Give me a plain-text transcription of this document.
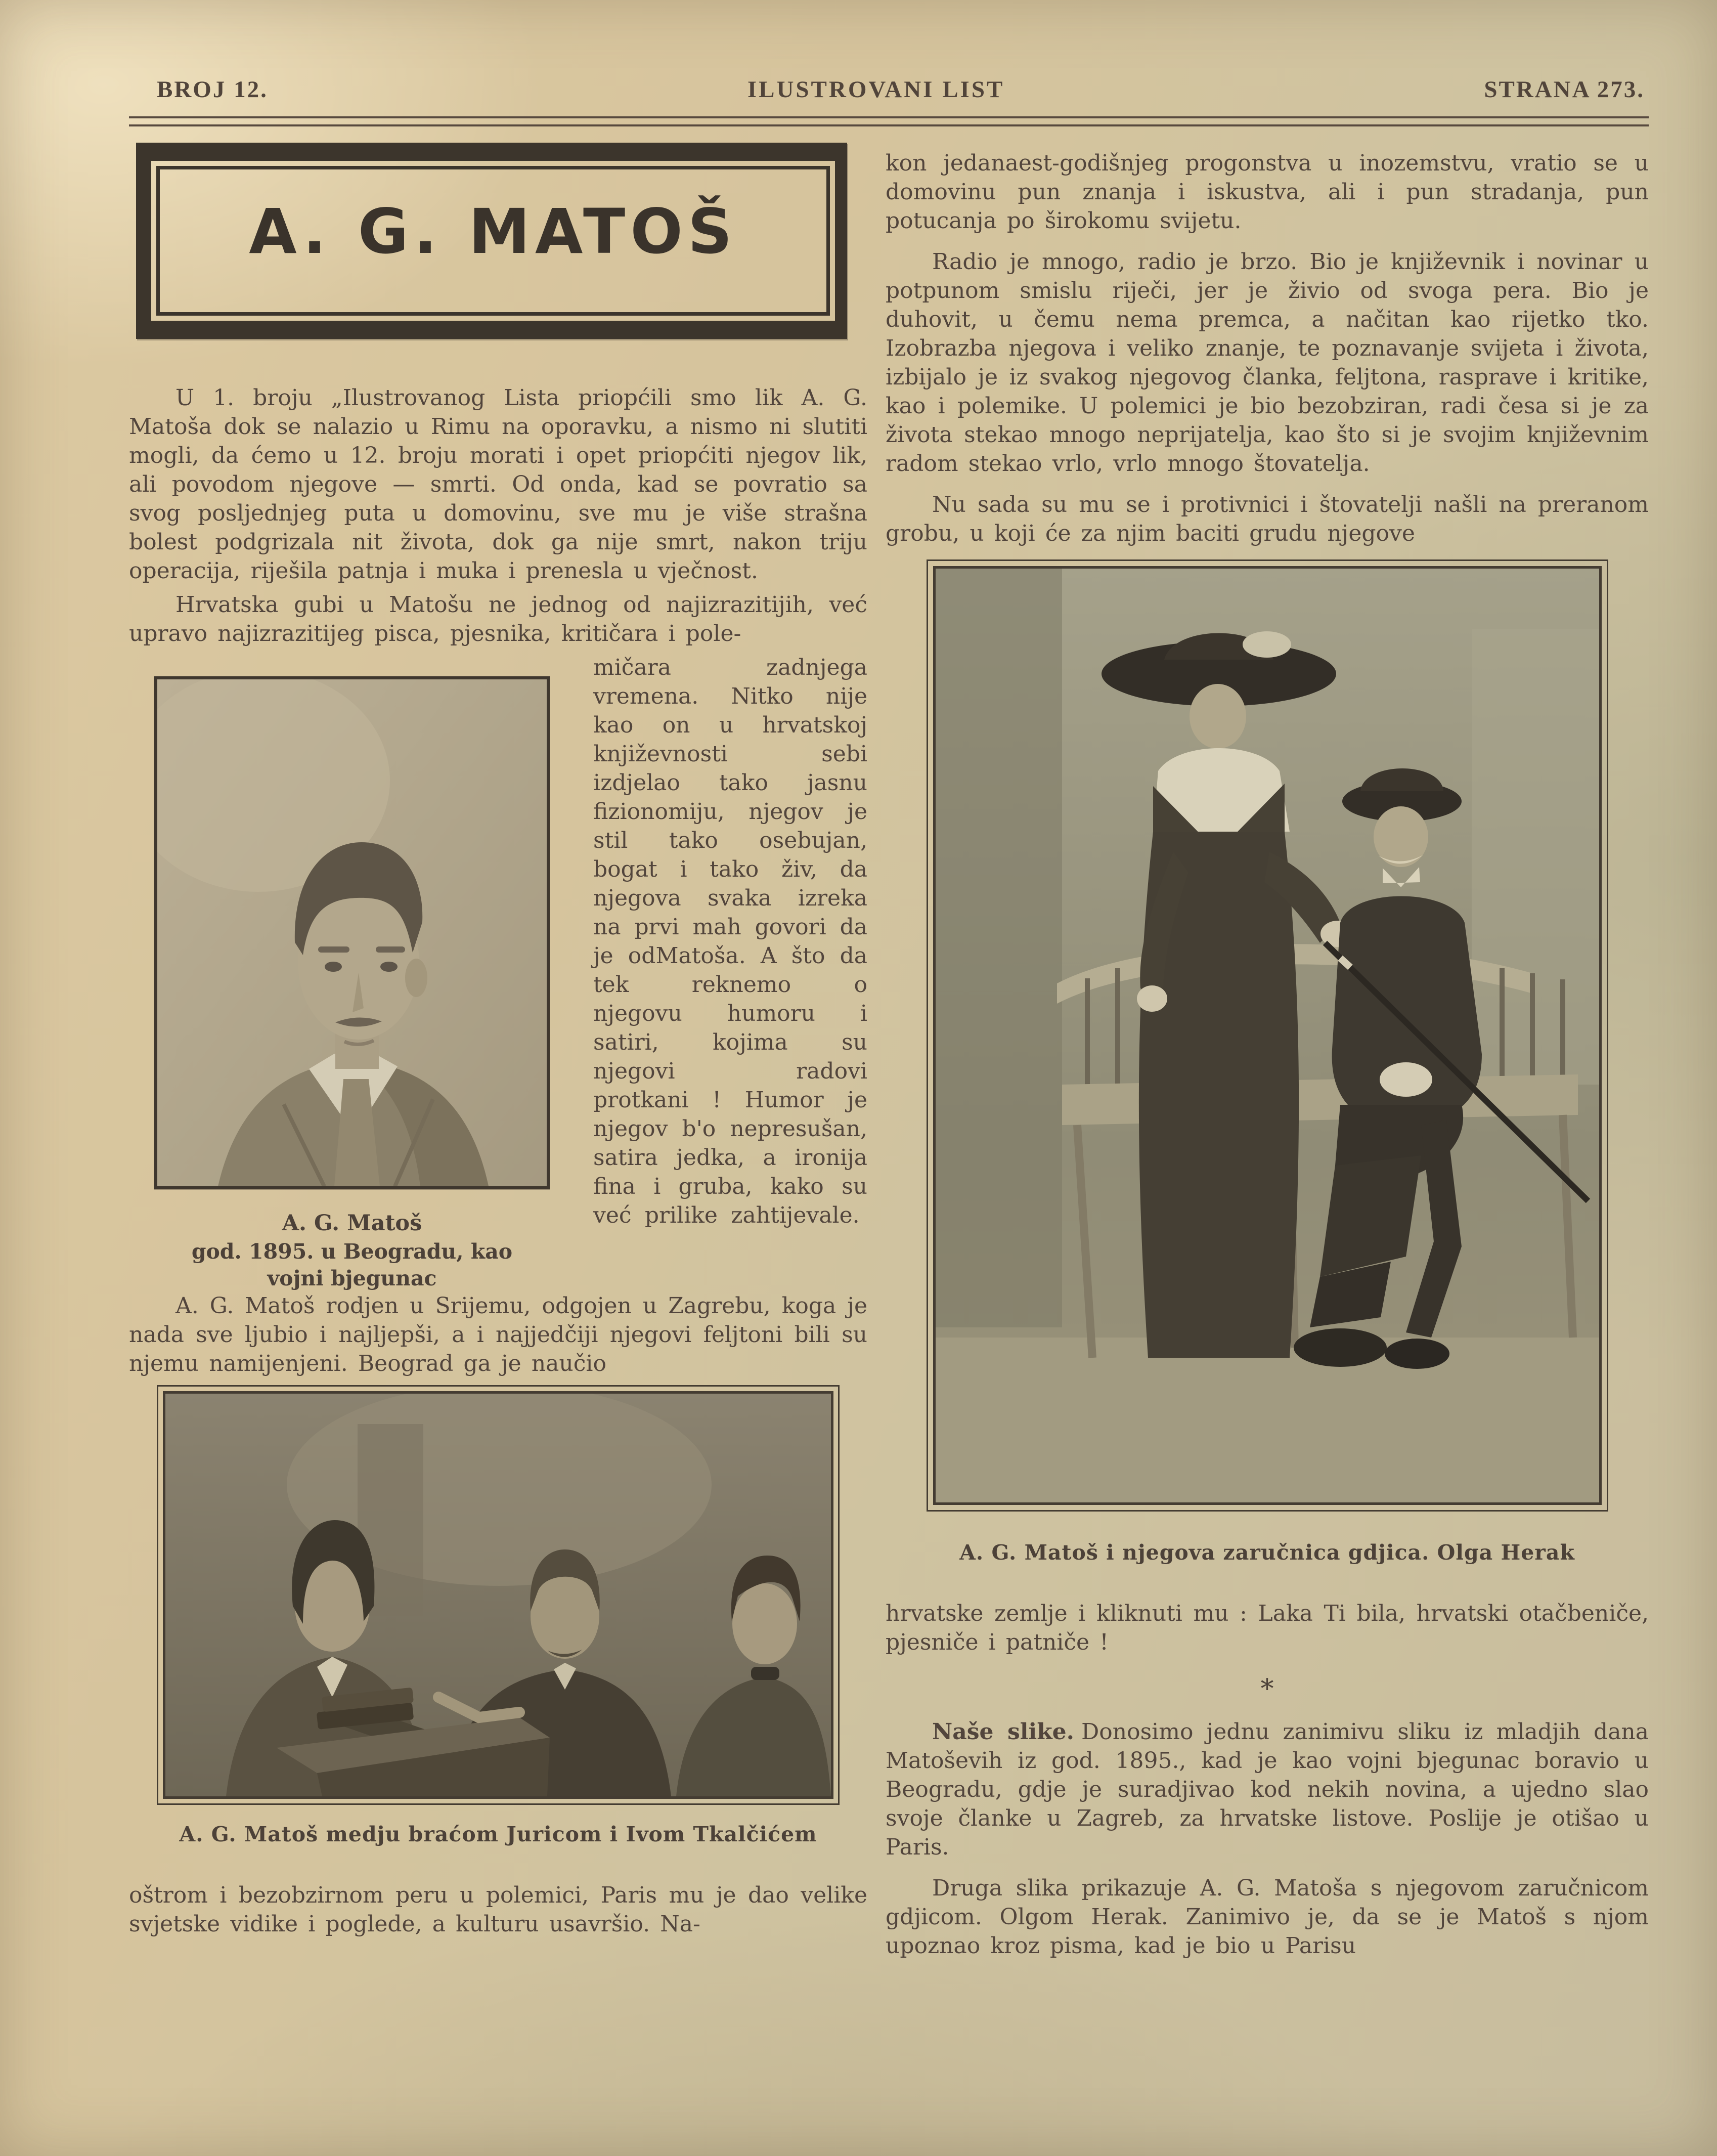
BROJ 12.	ILUSTROVANI LIST	STRANA 273.
A. G. MATOŠ

U 1. broju „Ilustrovanog Lista priopćili smo lik A. G. Matoša dok se nalazio u Rimu na oporavku, a nismo ni slutiti mogli, da ćemo u 12. broju morati i opet priopćiti njegov lik, ali povodom njegove — smrti. Od onda, kad se povratio sa svog posljednjeg puta u domovinu, sve mu je više strašna bolest podgrizala nit života, dok ga nije smrt, nakon triju operacija, riješila patnja i muka i prenesla u vječnost.

Hrvatska gubi u Matošu ne jednog od najizrazitijih, već upravo najizrazitijeg pisca, pjesnika, kritičara i pole-

A. G. Matoš
god. 1895. u Beogradu, kao vojni bjegunac
mičara zadnjega vremena. Nitko nije kao on u hrvatskoj književnosti sebi izdjelao tako jasnu fizionomiju, njegov je stil tako osebujan, bogat i tako živ, da njegova svaka izreka na prvi mah govori da je odMatoša. A što da tek reknemo o njegovu humoru i satiri, kojima su njegovi radovi protkani ! Humor je njegov b'o nepresušan, satira jedka, a ironija fina i gruba, kako su već prilike zahtijevale.

A. G. Matoš rodjen u Srijemu, odgojen u Zagrebu, koga je nada sve ljubio i najljepši, a i najjedčiji njegovi feljtoni bili su njemu namijenjeni. Beograd ga je naučio

A. G. Matoš medju braćom Juricom i Ivom Tkalčićem

oštrom i bezobzirnom peru u polemici, Paris mu je dao velike svjetske vidike i poglede, a kulturu usavršio. Na-

kon jedanaest-godišnjeg progonstva u inozemstvu, vratio se u domovinu pun znanja i iskustva, ali i pun stradanja, pun potucanja po širokomu svijetu.

Radio je mnogo, radio je brzo. Bio je književnik i novinar u potpunom smislu riječi, jer je živio od svoga pera. Bio je duhovit, u čemu nema premca, a načitan kao rijetko tko. Izobrazba njegova i veliko znanje, te poznavanje svijeta i života, izbijalo je iz svakog njegovog članka, feljtona, rasprave i kritike, kao i polemike. U polemici je bio bezobziran, radi česa si je za života stekao mnogo neprijatelja, kao što si je svojim književnim radom stekao vrlo, vrlo mnogo štovatelja.

Nu sada su mu se i protivnici i štovatelji našli na preranom grobu, u koji će za njim baciti grudu njegove

A. G. Matoš i njegova zaručnica gdjica. Olga Herak

hrvatske zemlje i kliknuti mu : Laka Ti bila, hrvatski otačbeniče, pjesniče i patniče !

*

Naše slike. Donosimo jednu zanimivu sliku iz mladjih dana Matoševih iz god. 1895., kad je kao vojni bjegunac boravio u Beogradu, gdje je suradjivao kod nekih novina, a ujedno slao svoje članke u Zagreb, za hrvatske listove. Poslije je otišao u Paris.

Druga slika prikazuje A. G. Matoša s njegovom zaručnicom gdjicom. Olgom Herak. Zanimivo je, da se je Matoš s njom upoznao kroz pisma, kad je bio u Parisu
